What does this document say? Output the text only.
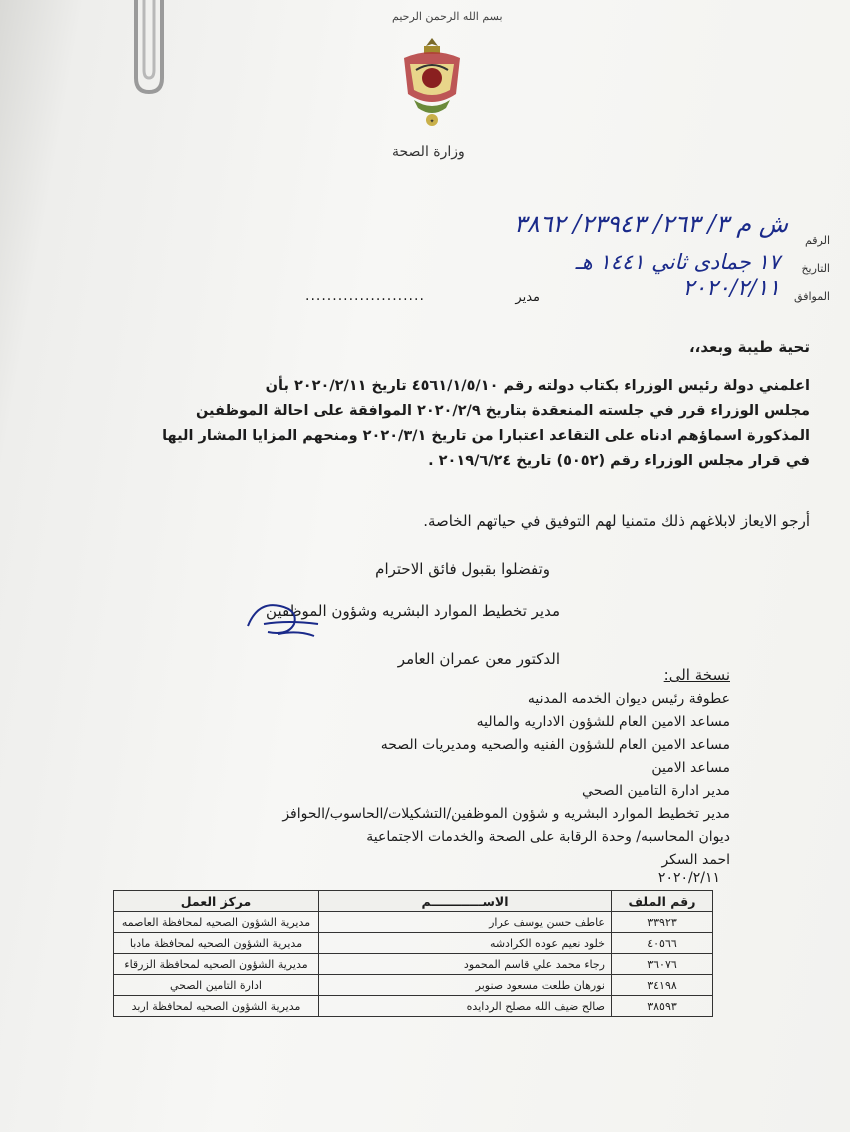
بسم الله الرحمن الرحيم
✦
وزارة الصحة
الرقم
ش م ٣/ ٢٦٣/ ٢٣٩٤٣/ ٣٨٦٢
التاريخ
١٧ جمادى ثاني ١٤٤١ هـ
الموافق
٢٠٢٠/٢/١١
مدير
......................
تحية طيبة وبعد،،
اعلمني دولة رئيس الوزراء بكتاب دولته رقم ٤٥٦١/١/٥/١٠ تاريخ ٢٠٢٠/٢/١١ بأن
مجلس الوزراء قرر في جلسته المنعقدة بتاريخ ٢٠٢٠/٢/٩ الموافقة على احالة الموظفين
المذكورة اسماؤهم ادناه على التقاعد اعتبارا من تاريخ ٢٠٢٠/٣/١ ومنحهم المزايا المشار اليها
في قرار مجلس الوزراء رقم (٥٠٥٢) تاريخ ٢٠١٩/٦/٢٤ .
أرجو الايعاز لابلاغهم ذلك متمنيا لهم التوفيق في حياتهم الخاصة.
وتفضلوا بقبول فائق الاحترام
مدير تخطيط الموارد البشريه وشؤون الموظفين
الدكتور معن عمران العامر
نسخة الى:
عطوفة رئيس ديوان الخدمه المدنيه
مساعد الامين العام للشؤون الاداريه والماليه
مساعد الامين العام للشؤون الفنيه والصحيه ومديريات الصحه
مساعد الامين
مدير ادارة التامين الصحي
مدير تخطيط الموارد البشريه و شؤون الموظفين/التشكيلات/الحاسوب/الحوافز
ديوان المحاسبه/ وحدة الرقابة على الصحة والخدمات الاجتماعية
احمد السكر
٢٠٢٠/٢/١١
رقم الملف	الاســــــــــــم	مركز العمل
٣٣٩٢٣	عاطف حسن يوسف عرار	مديرية الشؤون الصحيه لمحافظة العاصمه
٤٠٥٦٦	خلود نعيم عوده الكرادشه	مديرية الشؤون الصحيه لمحافظة مادبا
٣٦٠٧٦	رجاء محمد علي قاسم المحمود	مديرية الشؤون الصحيه لمحافظة الزرقاء
٣٤١٩٨	نورهان طلعت مسعود صنوبر	ادارة التامين الصحي
٣٨٥٩٣	صالح ضيف الله مصلح الردايده	مديرية الشؤون الصحيه لمحافظة اربد
